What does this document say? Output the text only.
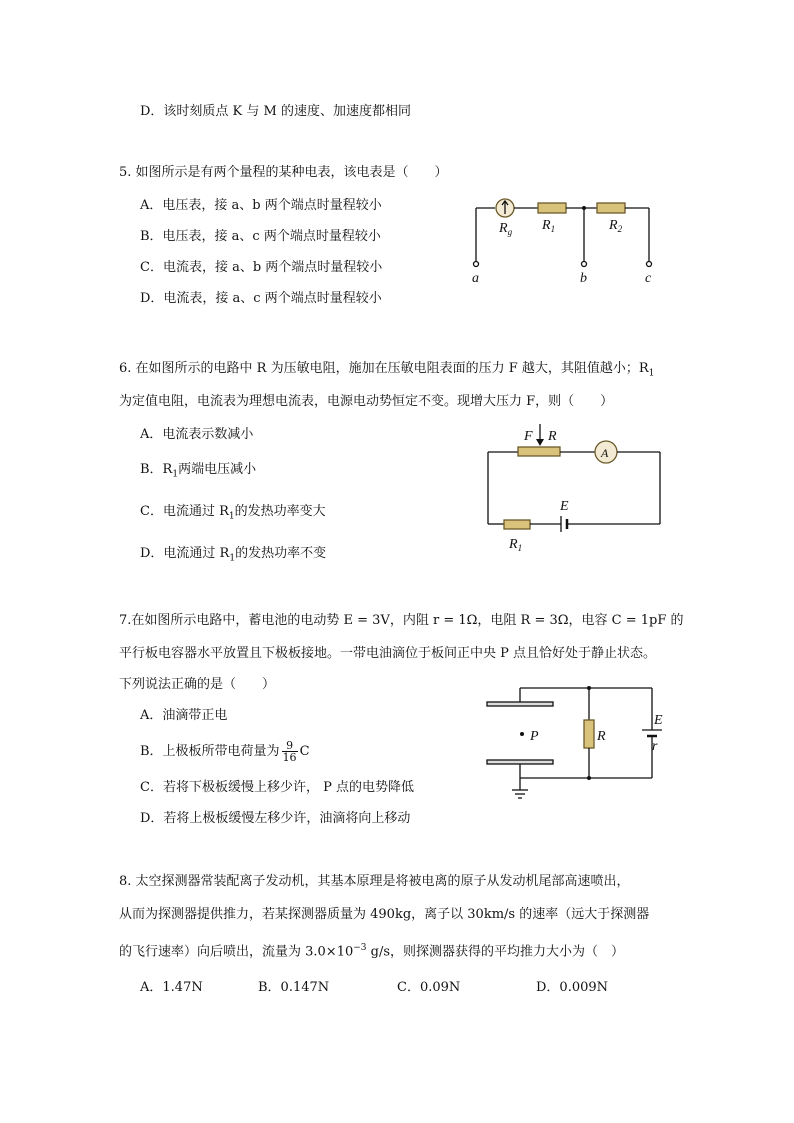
D．该时刻质点 K 与 M 的速度、加速度都相同
5. 如图所示是有两个量程的某种电表，该电表是（　　）
A．电压表，接 a、b 两个端点时量程较小
B．电压表，接 a、c 两个端点时量程较小
C．电流表，接 a、b 两个端点时量程较小
D．电流表，接 a、c 两个端点时量程较小
$R_g$ $R_1$	$R_2$
a	b	c
6. 在如图所示的电路中 R 为压敏电阻，施加在压敏电阻表面的压力 F 越大，其阻值越小；$R_1$
为定值电阻，电流表为理想电流表，电源电动势恒定不变。现增大压力 F，则（　　）
A．电流表示数减小
B．$R_1$两端电压减小
C．电流通过 $R_1$的发热功率变大
D．电流通过 $R_1$的发热功率不变
F R
A
E
$R_1$
7.在如图所示电路中，蓄电池的电动势 E = 3V，内阻 r = 1Ω，电阻 R = 3Ω，电容 C = 1pF 的
平行板电容器水平放置且下极板接地。一带电油滴位于板间正中央 P 点且恰好处于静止状态。
下列说法正确的是（　　）
A．油滴带正电
B．上极板所带电荷量为 $\frac{9}{16}$ C
C．若将下极板缓慢上移少许， P 点的电势降低
D．若将上极板缓慢左移少许，油滴将向上移动
P	R
E
r
8. 太空探测器常装配离子发动机，其基本原理是将被电离的原子从发动机尾部高速喷出，
从而为探测器提供推力，若某探测器质量为 490kg，离子以 30km/s 的速率（远大于探测器
的飞行速率）向后喷出，流量为 $3.0\times 10^{-3}$ g/s，则探测器获得的平均推力大小为（　）
A．1.47N	B．0.147N	C．0.09N	D．0.009N
